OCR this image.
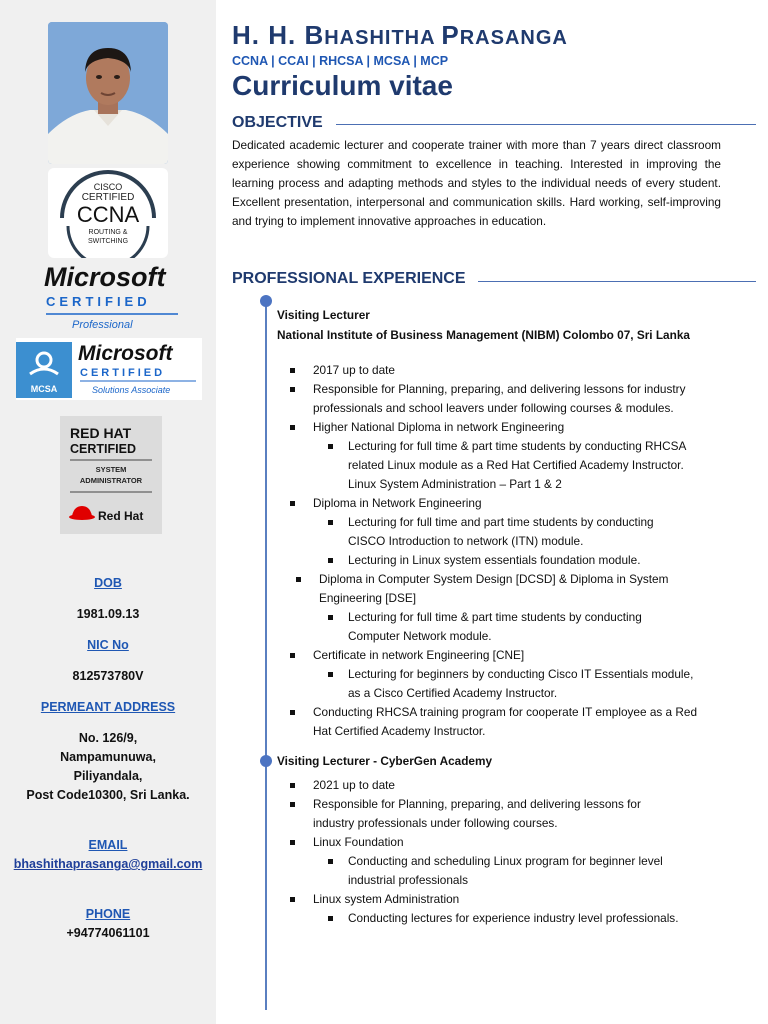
CISCO
CERTIFIED
CCNA
ROUTING &
SWITCHING
Microsoft
CERTIFIED
Professional
MCSA
Microsoft
CERTIFIED
Solutions Associate
RED HAT
CERTIFIED
SYSTEM
ADMINISTRATOR
Red Hat
DOB
1981.09.13
NIC No
812573780V
PERMEANT ADDRESS
No. 126/9,
Nampamunuwa,
Piliyandala,
Post Code10300, Sri Lanka.
EMAIL
bhashithaprasanga@gmail.com
PHONE
+94774061101
H. H. BHASHITHA PRASANGA
CCNA | CCAI | RHCSA | MCSA | MCP
Curriculum vitae
OBJECTIVE
Dedicated academic lecturer and cooperate trainer with more than 7 years direct classroom experience showing commitment to excellence in teaching. Interested in improving the learning process and adapting methods and styles to the individual needs of every student. Excellent presentation, interpersonal and communication skills. Hard working, self-improving and trying to implement innovative approaches in education.
PROFESSIONAL EXPERIENCE
Visiting Lecturer
National Institute of Business Management (NIBM) Colombo 07, Sri Lanka
2017 up to date
Responsible for Planning, preparing, and delivering lessons for industry
professionals and school leavers under following courses & modules.
Higher National Diploma in network Engineering
Lecturing for full time & part time students by conducting RHCSA
related Linux module as a Red Hat Certified Academy Instructor.
Linux System Administration – Part 1 & 2
Diploma in Network Engineering
Lecturing for full time and part time students by conducting
CISCO Introduction to network (ITN) module.
Lecturing in Linux system essentials foundation module.
Diploma in Computer System Design [DCSD] & Diploma in System
Engineering [DSE]
Lecturing for full time & part time students by conducting
Computer Network module.
Certificate in network Engineering [CNE]
Lecturing for beginners by conducting Cisco IT Essentials module,
as a Cisco Certified Academy Instructor.
Conducting RHCSA training program for cooperate IT employee as a Red
Hat Certified Academy Instructor.
Visiting Lecturer - CyberGen Academy
2021 up to date
Responsible for Planning, preparing, and delivering lessons for
industry professionals under following courses.
Linux Foundation
Conducting and scheduling Linux program for beginner level
industrial professionals
Linux system Administration
Conducting lectures for experience industry level professionals.
